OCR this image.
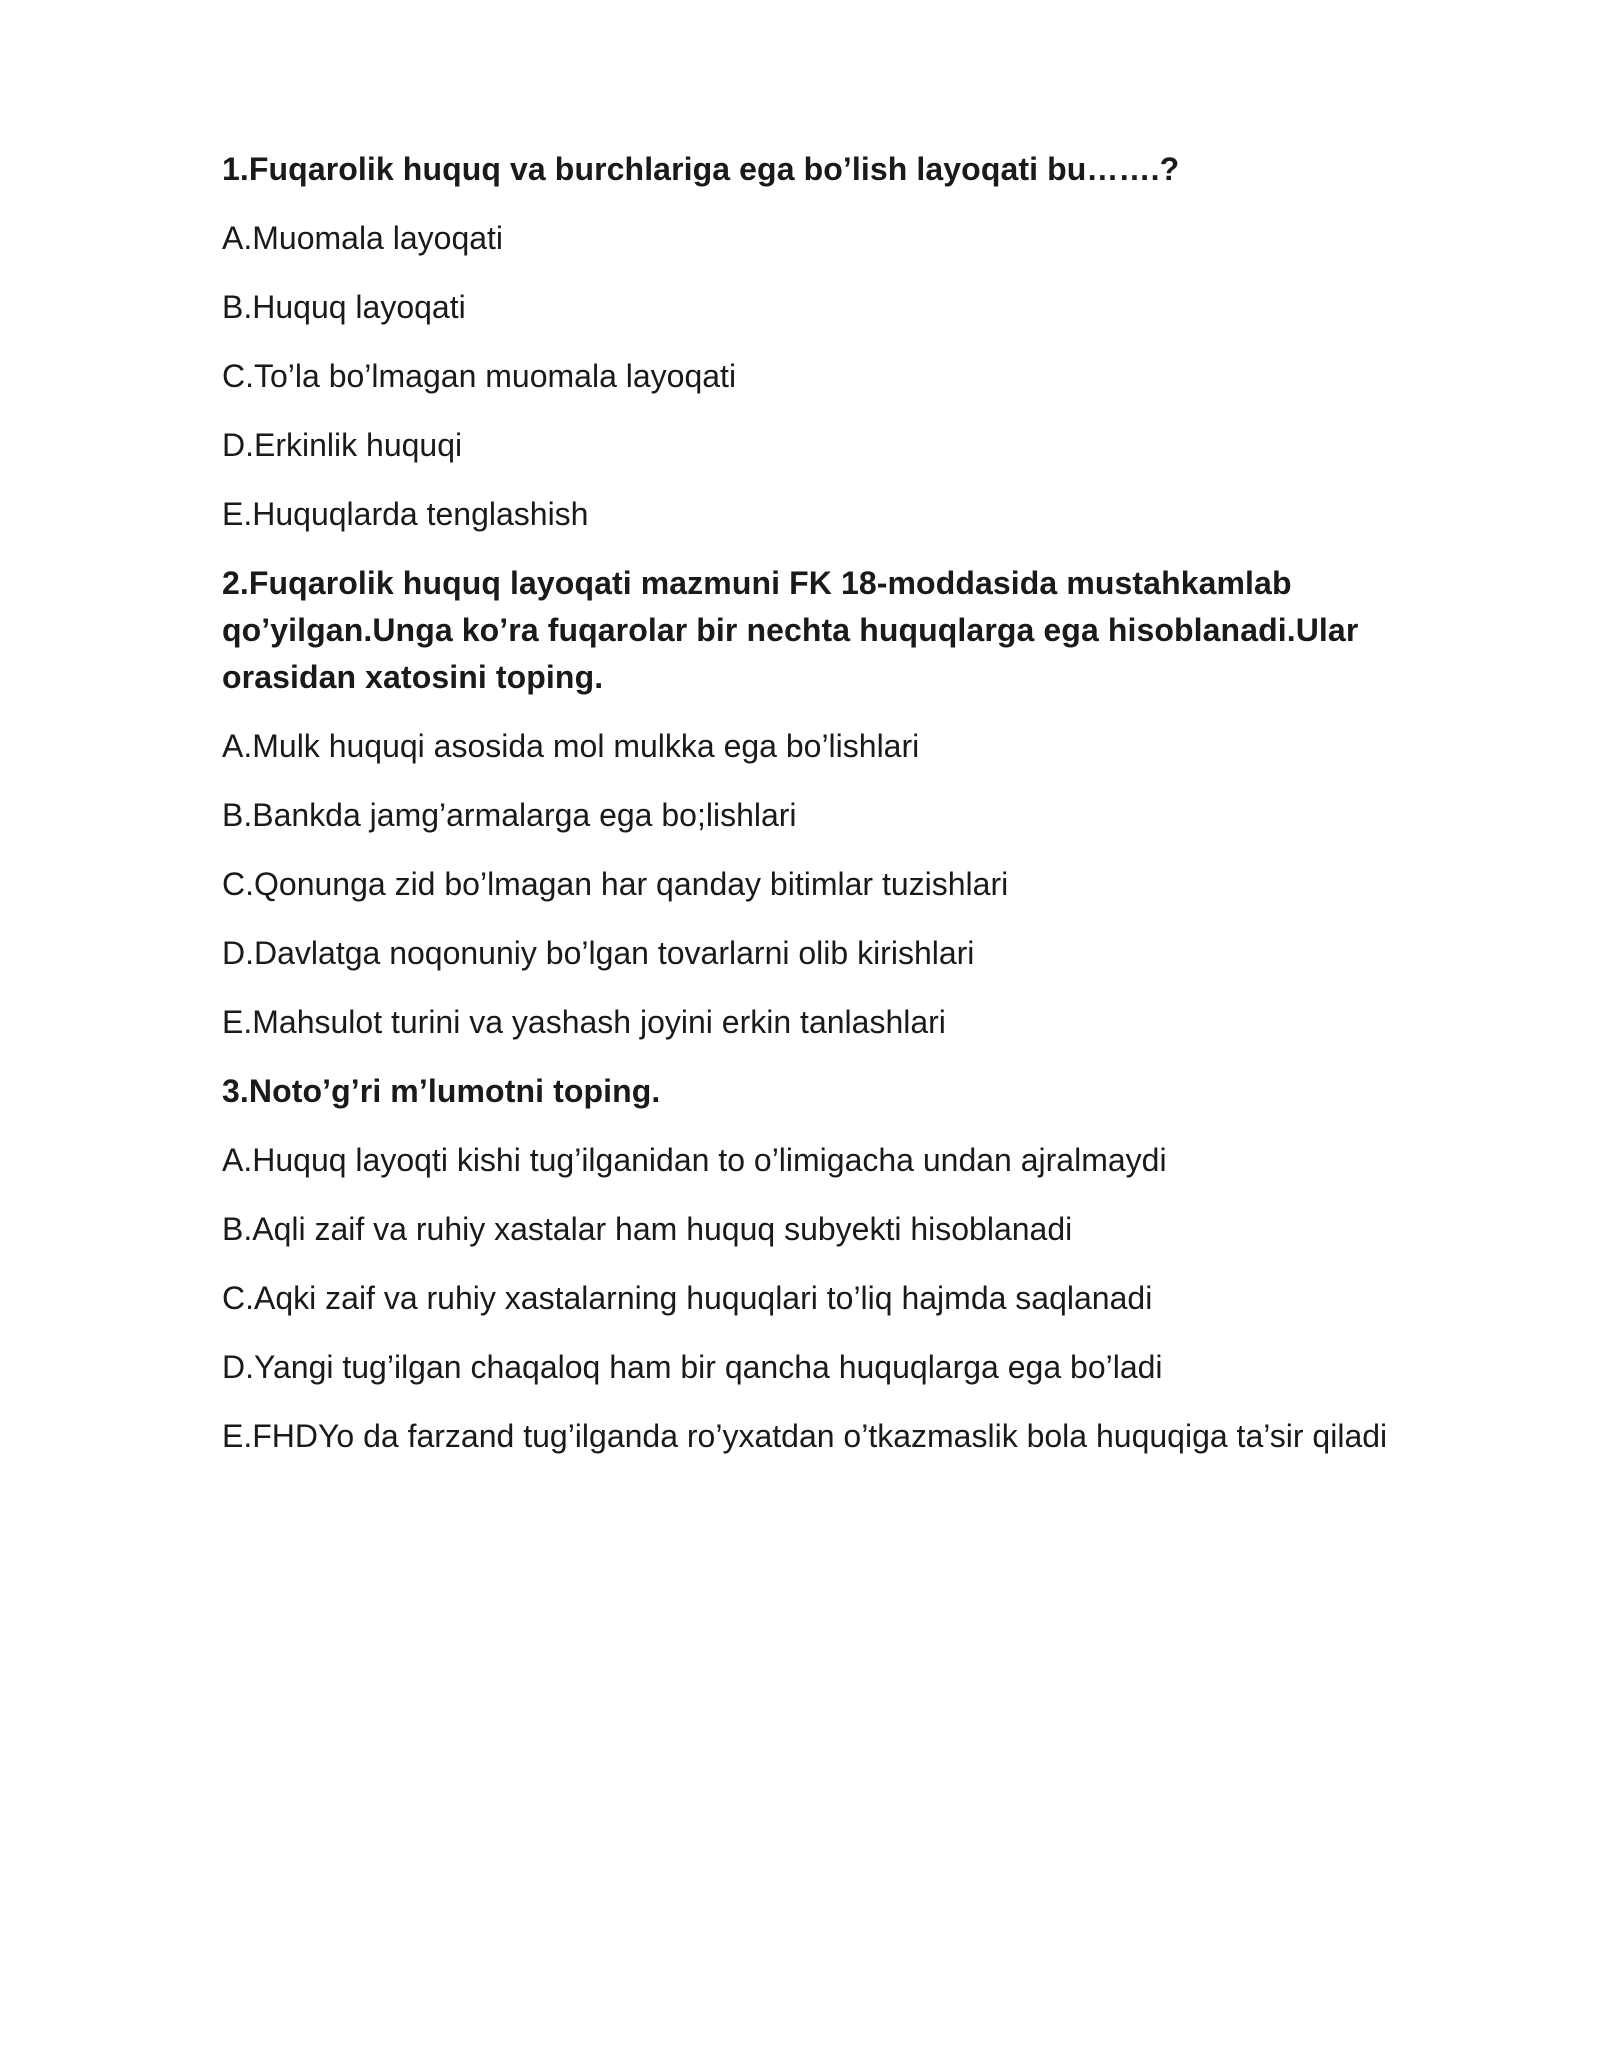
1.Fuqarolik huquq va burchlariga ega bo’lish layoqati bu…….?
A.Muomala layoqati
B.Huquq layoqati
C.To’la bo’lmagan muomala layoqati
D.Erkinlik huquqi
E.Huquqlarda tenglashish
2.Fuqarolik huquq layoqati mazmuni FK 18-moddasida mustahkamlab qo’yilgan.Unga ko’ra fuqarolar bir nechta huquqlarga ega hisoblanadi.Ular orasidan xatosini toping.
A.Mulk huquqi asosida mol mulkka ega bo’lishlari
B.Bankda jamg’armalarga ega bo;lishlari
C.Qonunga zid bo’lmagan har qanday bitimlar tuzishlari
D.Davlatga noqonuniy bo’lgan tovarlarni olib kirishlari
E.Mahsulot turini va yashash joyini erkin tanlashlari
3.Noto’g’ri m’lumotni toping.
A.Huquq layoqti kishi tug’ilganidan to o’limigacha undan ajralmaydi
B.Aqli zaif va ruhiy xastalar ham huquq subyekti hisoblanadi
C.Aqki zaif va ruhiy xastalarning huquqlari to’liq hajmda saqlanadi
D.Yangi tug’ilgan chaqaloq ham bir qancha huquqlarga ega bo’ladi
E.FHDYo da farzand tug’ilganda ro’yxatdan o’tkazmaslik bola huquqiga ta’sir qiladi
